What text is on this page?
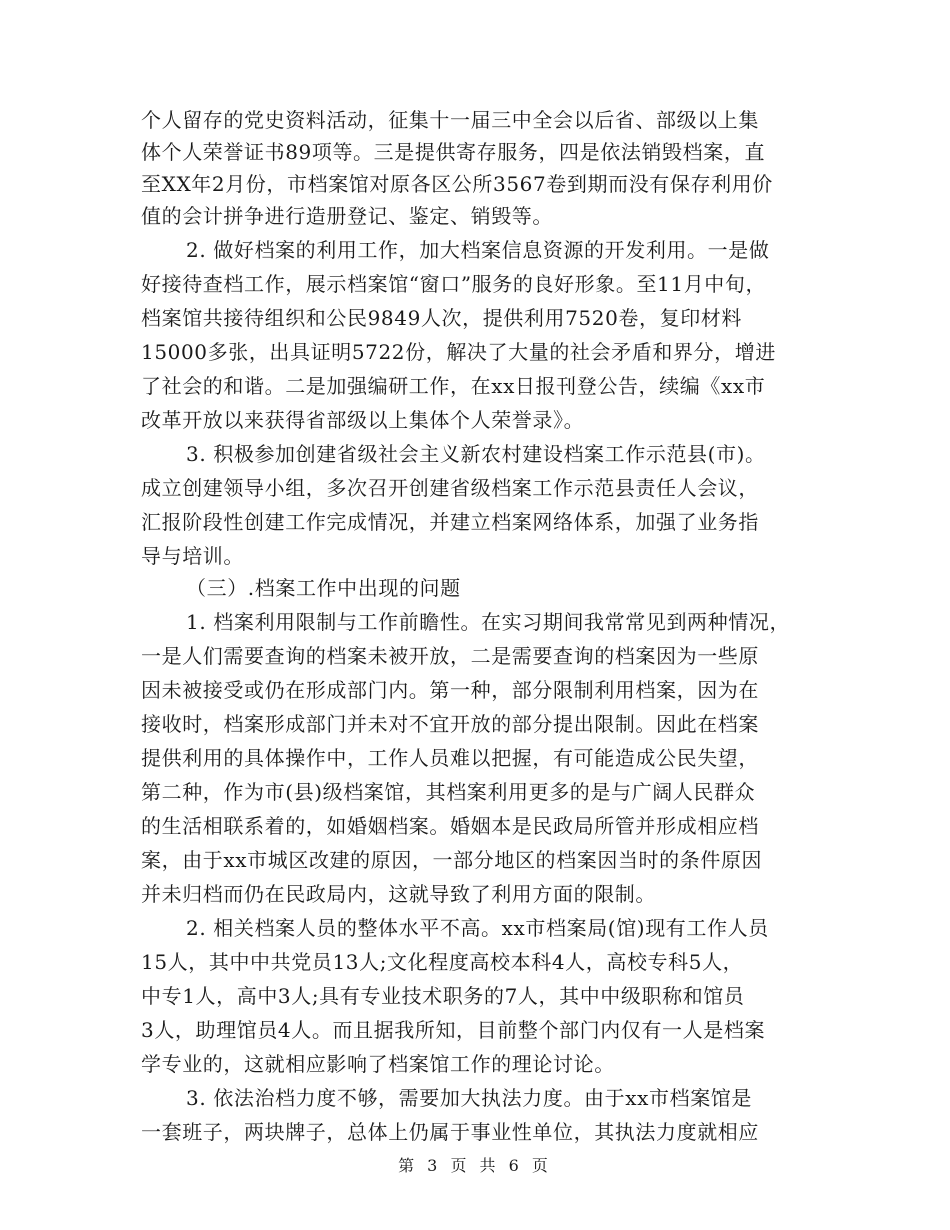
个人留存的党史资料活动，征集十一届三中全会以后省、部级以上集
体个人荣誉证书89项等。三是提供寄存服务，四是依法销毁档案，直
至XX年2月份，市档案馆对原各区公所3567卷到期而没有保存利用价
值的会计拼争进行造册登记、鉴定、销毁等。
2. 做好档案的利用工作，加大档案信息资源的开发利用。一是做
好接待查档工作，展示档案馆“窗口”服务的良好形象。至11月中旬，
档案馆共接待组织和公民9849人次，提供利用7520卷，复印材料
15000多张，出具证明5722份，解决了大量的社会矛盾和界分，增进
了社会的和谐。二是加强编研工作，在xx日报刊登公告，续编《xx市
改革开放以来获得省部级以上集体个人荣誉录》。
3. 积极参加创建省级社会主义新农村建设档案工作示范县(市)。
成立创建领导小组，多次召开创建省级档案工作示范县责任人会议，
汇报阶段性创建工作完成情况，并建立档案网络体系，加强了业务指
导与培训。
（三）.档案工作中出现的问题
1. 档案利用限制与工作前瞻性。在实习期间我常常见到两种情况，
一是人们需要查询的档案未被开放，二是需要查询的档案因为一些原
因未被接受或仍在形成部门内。第一种，部分限制利用档案，因为在
接收时，档案形成部门并未对不宜开放的部分提出限制。因此在档案
提供利用的具体操作中，工作人员难以把握，有可能造成公民失望，
第二种，作为市(县)级档案馆，其档案利用更多的是与广阔人民群众
的生活相联系着的，如婚姻档案。婚姻本是民政局所管并形成相应档
案，由于xx市城区改建的原因，一部分地区的档案因当时的条件原因
并未归档而仍在民政局内，这就导致了利用方面的限制。
2. 相关档案人员的整体水平不高。xx市档案局(馆)现有工作人员
15人，其中中共党员13人;文化程度高校本科4人，高校专科5人，
中专1人，高中3人;具有专业技术职务的7人，其中中级职称和馆员
3人，助理馆员4人。而且据我所知，目前整个部门内仅有一人是档案
学专业的，这就相应影响了档案馆工作的理论讨论。
3. 依法治档力度不够，需要加大执法力度。由于xx市档案馆是
一套班子，两块牌子，总体上仍属于事业性单位，其执法力度就相应
第 3 页 共 6 页
